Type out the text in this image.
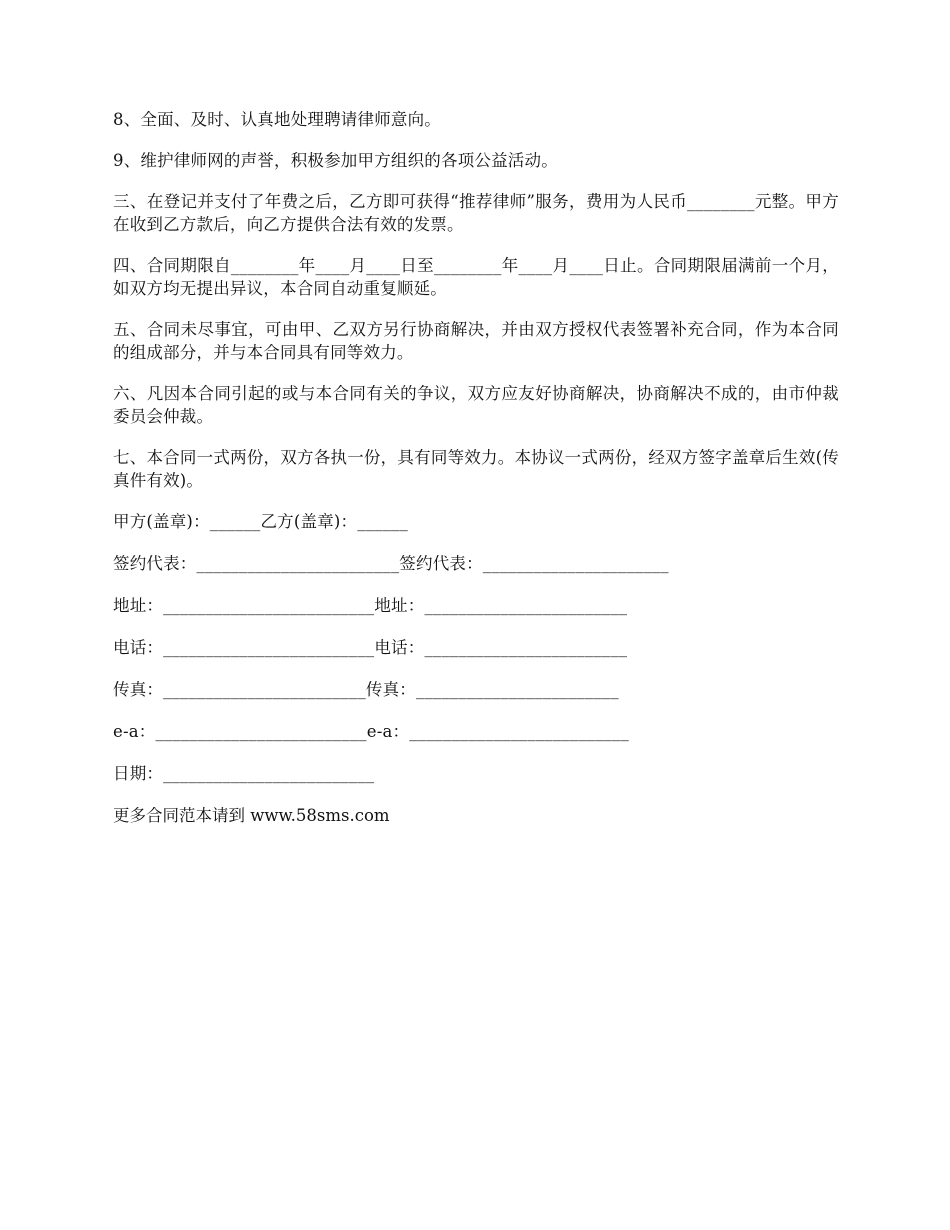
8、全面、及时、认真地处理聘请律师意向。

9、维护律师网的声誉，积极参加甲方组织的各项公益活动。

三、在登记并支付了年费之后，乙方即可获得“推荐律师”服务，费用为人民币________元整。甲方在收到乙方款后，向乙方提供合法有效的发票。

四、合同期限自________年____月____日至________年____月____日止。合同期限届满前一个月，如双方均无提出异议，本合同自动重复顺延。

五、合同未尽事宜，可由甲、乙双方另行协商解决，并由双方授权代表签署补充合同，作为本合同的组成部分，并与本合同具有同等效力。

六、凡因本合同引起的或与本合同有关的争议，双方应友好协商解决，协商解决不成的，由市仲裁委员会仲裁。

七、本合同一式两份，双方各执一份，具有同等效力。本协议一式两份，经双方签字盖章后生效(传真件有效)。

甲方(盖章)：______乙方(盖章)：______

签约代表：________________________签约代表：______________________

地址：_________________________地址：________________________

电话：_________________________电话：________________________

传真：________________________传真：________________________

e-a：_________________________e-a：__________________________

日期：_________________________

更多合同范本请到 www.58sms.com
